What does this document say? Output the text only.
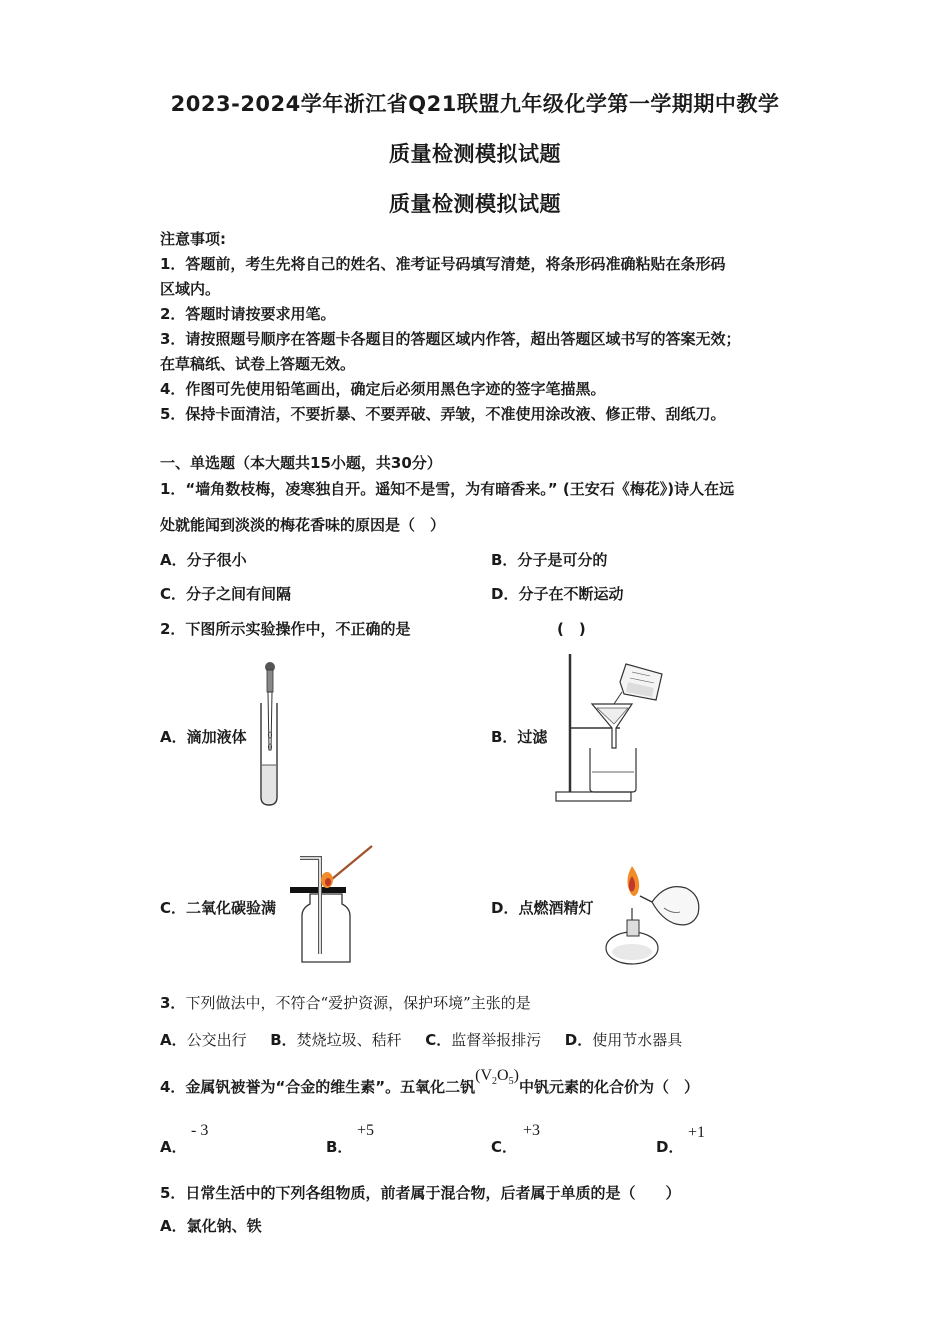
2023-2024学年浙江省Q21联盟九年级化学第一学期期中教学
质量检测模拟试题
质量检测模拟试题
注意事项:
1．答题前，考生先将自己的姓名、准考证号码填写清楚，将条形码准确粘贴在条形码
区域内。
2．答题时请按要求用笔。
3．请按照题号顺序在答题卡各题目的答题区域内作答，超出答题区域书写的答案无效；
在草稿纸、试卷上答题无效。
4．作图可先使用铅笔画出，确定后必须用黑色字迹的签字笔描黑。
5．保持卡面清洁，不要折暴、不要弄破、弄皱，不准使用涂改液、修正带、刮纸刀。
一、单选题（本大题共15小题，共30分）
1．“墙角数枝梅，凌寒独自开。遥知不是雪，为有暗香来。” (王安石《梅花》)诗人在远
处就能闻到淡淡的梅花香味的原因是（　）
A．分子很小	B．分子是可分的
C．分子之间有间隔	D．分子在不断运动
2．下图所示实验操作中，不正确的是	(　)
A．滴加液体	B．过滤
C．二氧化碳验满	D．点燃酒精灯
3．下列做法中，不符合“爱护资源，保护环境”主张的是
A．公交出行 B．焚烧垃圾、秸秆 C．监督举报排污 D．使用节水器具
4．金属钒被誉为“合金的维生素”。五氧化二钒$(V_2O_5)$中钒元素的化合价为（　）
A．
- 3
B．
+5
C．
+3
D．
+1
5．日常生活中的下列各组物质，前者属于混合物，后者属于单质的是（　　）
A．氯化钠、铁
